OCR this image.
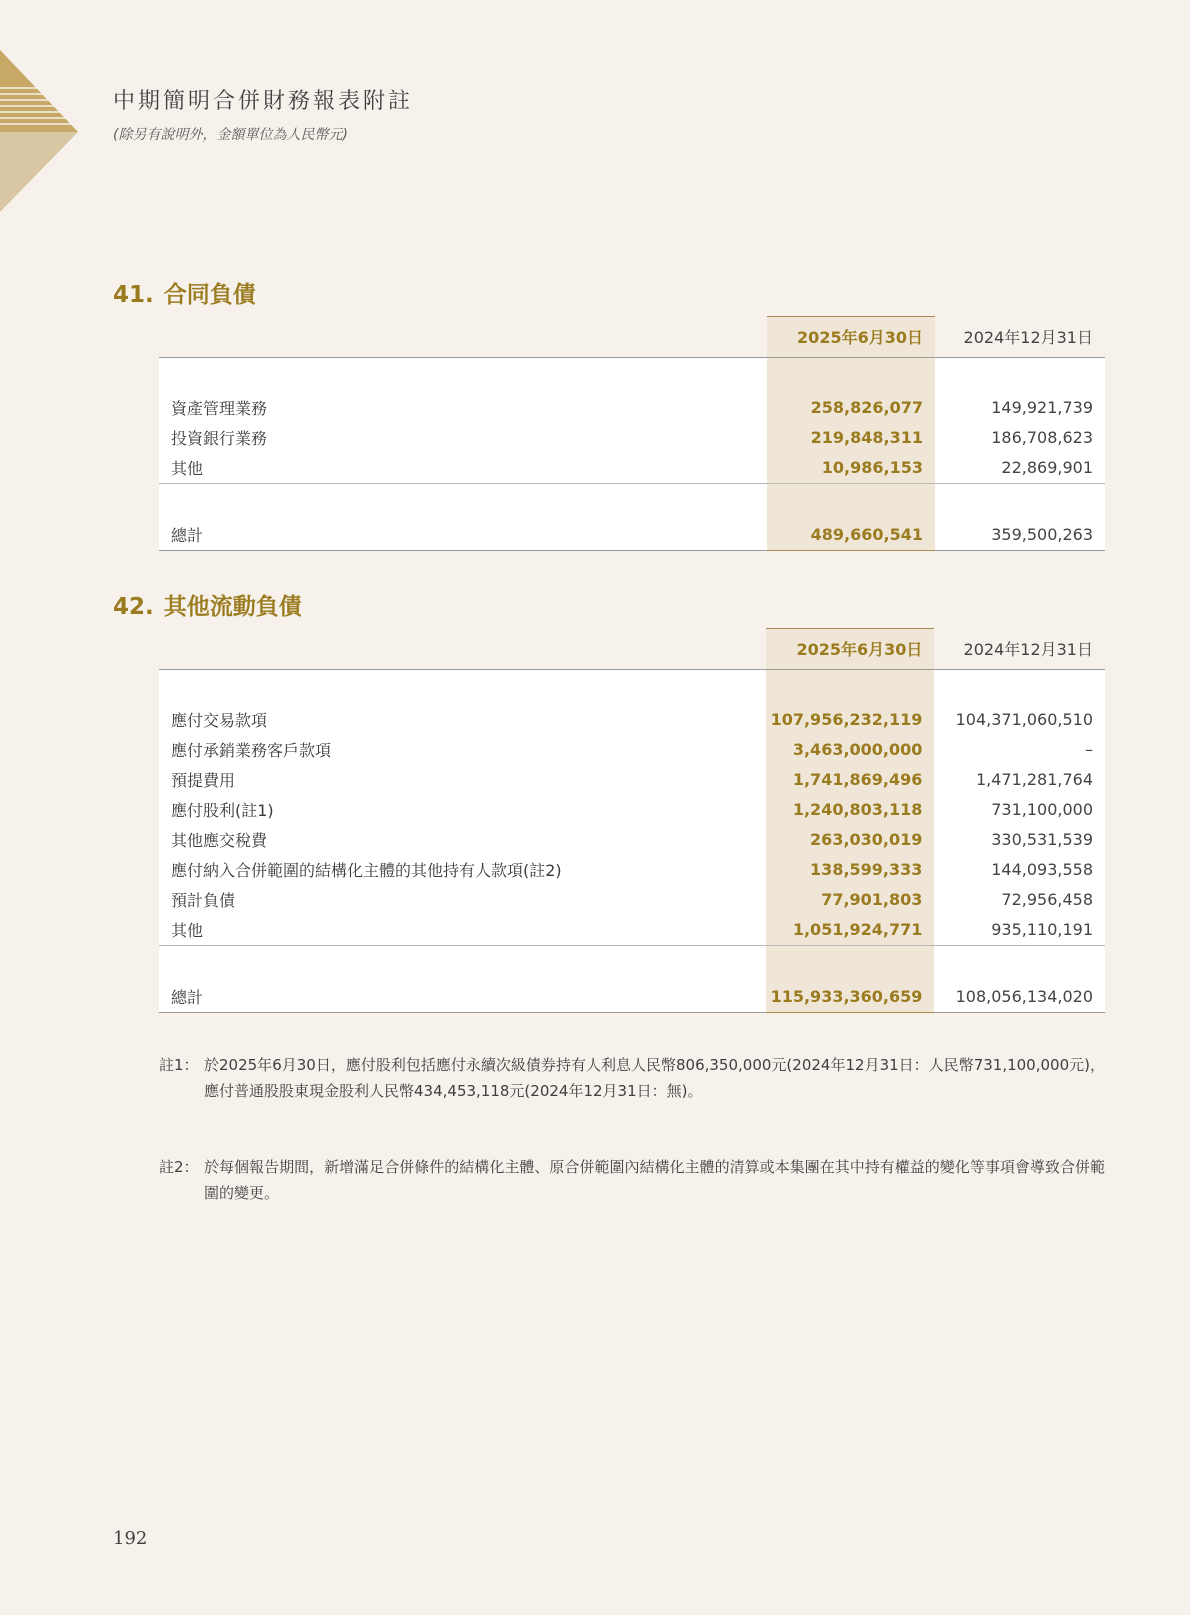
中期簡明合併財務報表附註

(除另有說明外，金額單位為人民幣元)

41. 合同負債
	2025年6月30日	2024年12月31日

資產管理業務	258,826,077	149,921,739
投資銀行業務	219,848,311	186,708,623
其他	10,986,153	22,869,901

總計	489,660,541	359,500,263
42. 其他流動負債
	2025年6月30日	2024年12月31日

應付交易款項	107,956,232,119	104,371,060,510
應付承銷業務客戶款項	3,463,000,000	–
預提費用	1,741,869,496	1,471,281,764
應付股利(註1)	1,240,803,118	731,100,000
其他應交稅費	263,030,019	330,531,539
應付納入合併範圍的結構化主體的其他持有人款項(註2)	138,599,333	144,093,558
預計負債	77,901,803	72,956,458
其他	1,051,924,771	935,110,191

總計	115,933,360,659	108,056,134,020
註1： 於2025年6月30日，應付股利包括應付永續次級債券持有人利息人民幣806,350,000元(2024年12月31日：人民幣731,100,000元)，應付普通股股東現金股利人民幣434,453,118元(2024年12月31日：無)。
註2： 於每個報告期間，新增滿足合併條件的結構化主體、原合併範圍內結構化主體的清算或本集團在其中持有權益的變化等事項會導致合併範圍的變更。
192
